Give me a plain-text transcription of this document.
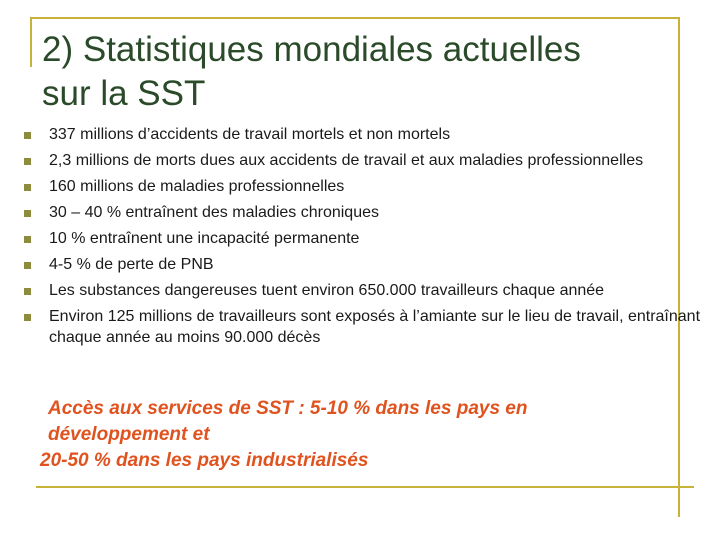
2) Statistiques mondiales actuelles
sur la SST
337 millions d’accidents de travail mortels et non mortels
2,3 millions de morts dues aux accidents de travail et aux maladies professionnelles
160 millions de maladies professionnelles
30 – 40 % entraînent des maladies chroniques
10 % entraînent une incapacité permanente
4-5 % de perte de PNB
Les substances dangereuses tuent environ 650.000 travailleurs chaque année
Environ 125 millions de travailleurs sont exposés à l’amiante sur le lieu de travail, entraînant chaque année au moins 90.000 décès
Accès aux services de SST : 5-10 % dans les pays en
développement et
20-50 % dans les pays industrialisés
